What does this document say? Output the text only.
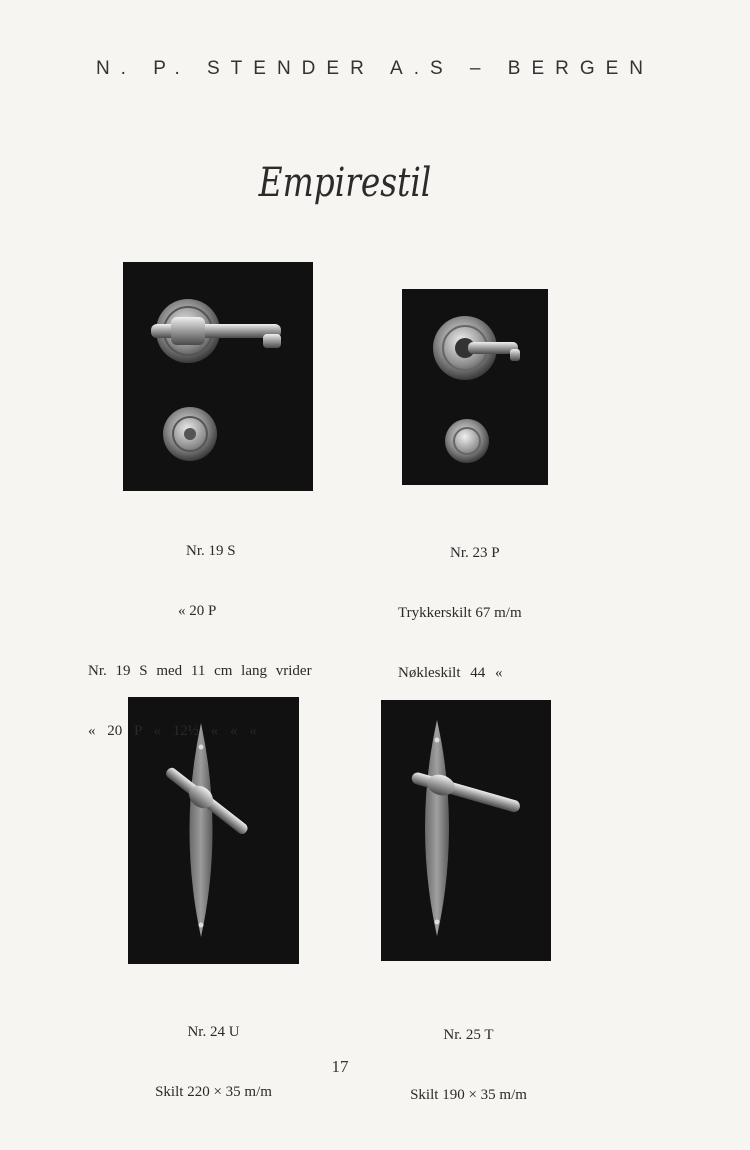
N. P. STENDER A.S – BERGEN
Empirestil

Nr. 19 S

« 20 P

Nr. 19 S med 11 cm lang vrider

« 20 P « 12½ « « «

Nr. 23 P

Trykkerskilt 67 m/m

Nøkleskilt 44 «

Nr. 24 U

Skilt 220 × 35 m/m

Nr. 25 T

Skilt 190 × 35 m/m

17
